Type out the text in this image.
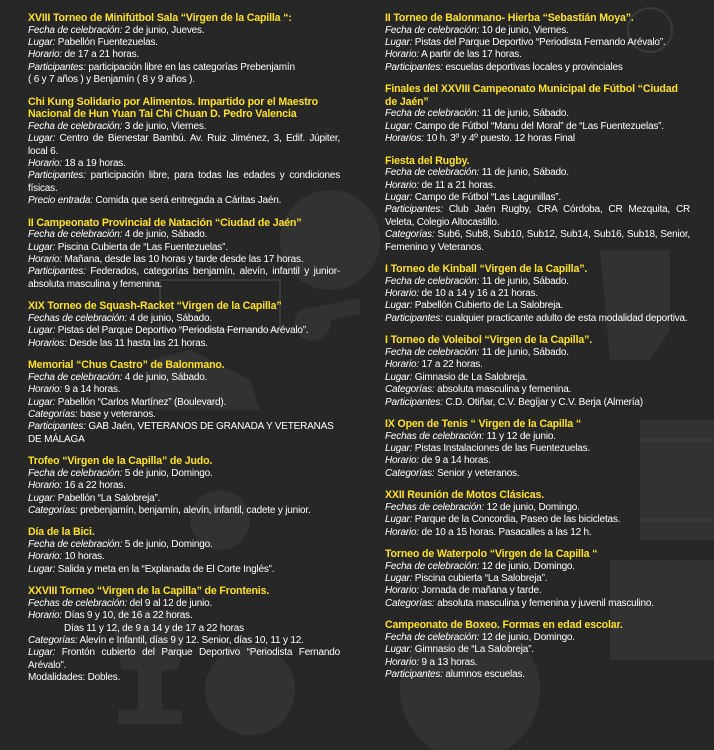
XVIII Torneo de Minifútbol Sala “Virgen de la Capilla “:
Fecha de celebración: 2 de junio, Jueves.
Lugar: Pabellón Fuentezuelas.
Horario: de 17 a 21 horas.
Participantes: participación libre en las categorías Prebenjamín
( 6 y 7 años ) y Benjamín ( 8 y 9 años ).
Chi Kung Solidario por Alimentos. Impartido por el Maestro Nacional de Hun Yuan Tai Chi Chuan D. Pedro Valencia
Fecha de celebración: 3 de junio, Viernes.
Lugar: Centro de Bienestar Bambú. Av. Ruiz Jiménez, 3, Edif. Júpiter, local 6.
Horario: 18 a 19 horas.
Participantes: participación libre, para todas las edades y condiciones físicas.
Precio entrada: Comida que será entregada a Cáritas Jaén.
II Campeonato Provincial de Natación “Ciudad de Jaén”
Fecha de celebración: 4 de junio, Sábado.
Lugar: Piscina Cubierta de “Las Fuentezuelas”.
Horario: Mañana, desde las 10 horas y tarde desde las 17 horas.
Participantes: Federados, categorías benjamín, alevín, infantil y junior-absoluta masculina y femenina.
XIX Torneo de Squash-Racket “Virgen de la Capilla”
Fechas de celebración: 4 de junio, Sábado.
Lugar: Pistas del Parque Deportivo “Periodista Fernando Arévalo”.
Horarios: Desde las 11 hasta las 21 horas.
Memorial “Chus Castro” de Balonmano.
Fecha de celebración: 4 de junio, Sábado.
Horario: 9 a 14 horas.
Lugar: Pabellón “Carlos Martínez” (Boulevard).
Categorías: base y veteranos.
Participantes: GAB Jaén, VETERANOS DE GRANADA Y VETERANAS DE MÁLAGA
Trofeo “Virgen de la Capilla” de Judo.
Fecha de celebración: 5 de junio, Domingo.
Horario: 16 a 22 horas.
Lugar: Pabellón “La Salobreja”.
Categorías: prebenjamín, benjamín, alevín, infantil, cadete y junior.
Día de la Bici.
Fecha de celebración: 5 de junio, Domingo.
Horario: 10 horas.
Lugar: Salida y meta en la “Explanada de El Corte Inglés”.
XXVIII Torneo “Virgen de la Capilla” de Frontenis.
Fechas de celebración: del 9 al 12 de junio.
Horario: Días 9 y 10, de 16 a 22 horas.
Días 11 y 12, de 9 a 14 y de 17 a 22 horas
Categorías: Alevín e Infantil, días 9 y 12. Senior, días 10, 11 y 12.
Lugar: Frontón cubierto del Parque Deportivo “Periodista Fernando Arévalo”.
Modalidades: Dobles.
II Torneo de Balonmano- Hierba “Sebastián Moya”.
Fecha de celebración: 10 de junio, Viernes.
Lugar: Pistas del Parque Deportivo “Periodista Fernando Arévalo”.
Horario: A partir de las 17 horas.
Participantes: escuelas deportivas locales y provinciales
Finales del XXVIII Campeonato Municipal de Fútbol “Ciudad de Jaén”
Fecha de celebración: 11 de junio, Sábado.
Lugar: Campo de Fútbol “Manu del Moral” de “Las Fuentezuelas”.
Horarios: 10 h. 3º y 4º puesto. 12 horas Final
Fiesta del Rugby.
Fecha de celebración: 11 de junio, Sábado.
Horario: de 11 a 21 horas.
Lugar: Campo de Fútbol “Las Lagunillas”.
Participantes: Club Jaén Rugby, CRA Córdoba, CR Mezquita, CR Veleta, Colegio Altocastillo.
Categorías: Sub6, Sub8, Sub10, Sub12, Sub14, Sub16, Sub18, Senior, Femenino y Veteranos.
I Torneo de Kinball “Virgen de la Capilla”.
Fecha de celebración: 11 de junio, Sábado.
Horario: de 10 a 14 y 16 a 21 horas.
Lugar: Pabellón Cubierto de La Salobreja.
Participantes: cualquier practicante adulto de esta modalidad deportiva.
I Torneo de Voleibol “Virgen de la Capilla”.
Fecha de celebración: 11 de junio, Sábado.
Horario: 17 a 22 horas.
Lugar: Gimnasio de La Salobreja.
Categorías: absoluta masculina y femenina.
Participantes: C.D. Otiñar, C.V. Begíjar y C.V. Berja (Almería)
IX Open de Tenis “ Virgen de la Capilla “
Fechas de celebración: 11 y 12 de junio.
Lugar: Pistas Instalaciones de las Fuentezuelas.
Horario: de 9 a 14 horas.
Categorías: Senior y veteranos.
XXII Reunión de Motos Clásicas.
Fechas de celebración: 12 de junio, Domingo.
Lugar: Parque de la Concordia, Paseo de las bicicletas.
Horario: de 10 a 15 horas. Pasacalles a las 12 h.
Torneo de Waterpolo “Virgen de la Capilla “
Fecha de celebración: 12 de junio, Domingo.
Lugar: Piscina cubierta “La Salobreja”.
Horario: Jornada de mañana y tarde.
Categorías: absoluta masculina y femenina y juvenil masculino.
Campeonato de Boxeo. Formas en edad escolar.
Fecha de celebración: 12 de junio, Domingo.
Lugar: Gimnasio de “La Salobreja”.
Horario: 9 a 13 horas.
Participantes: alumnos escuelas.
